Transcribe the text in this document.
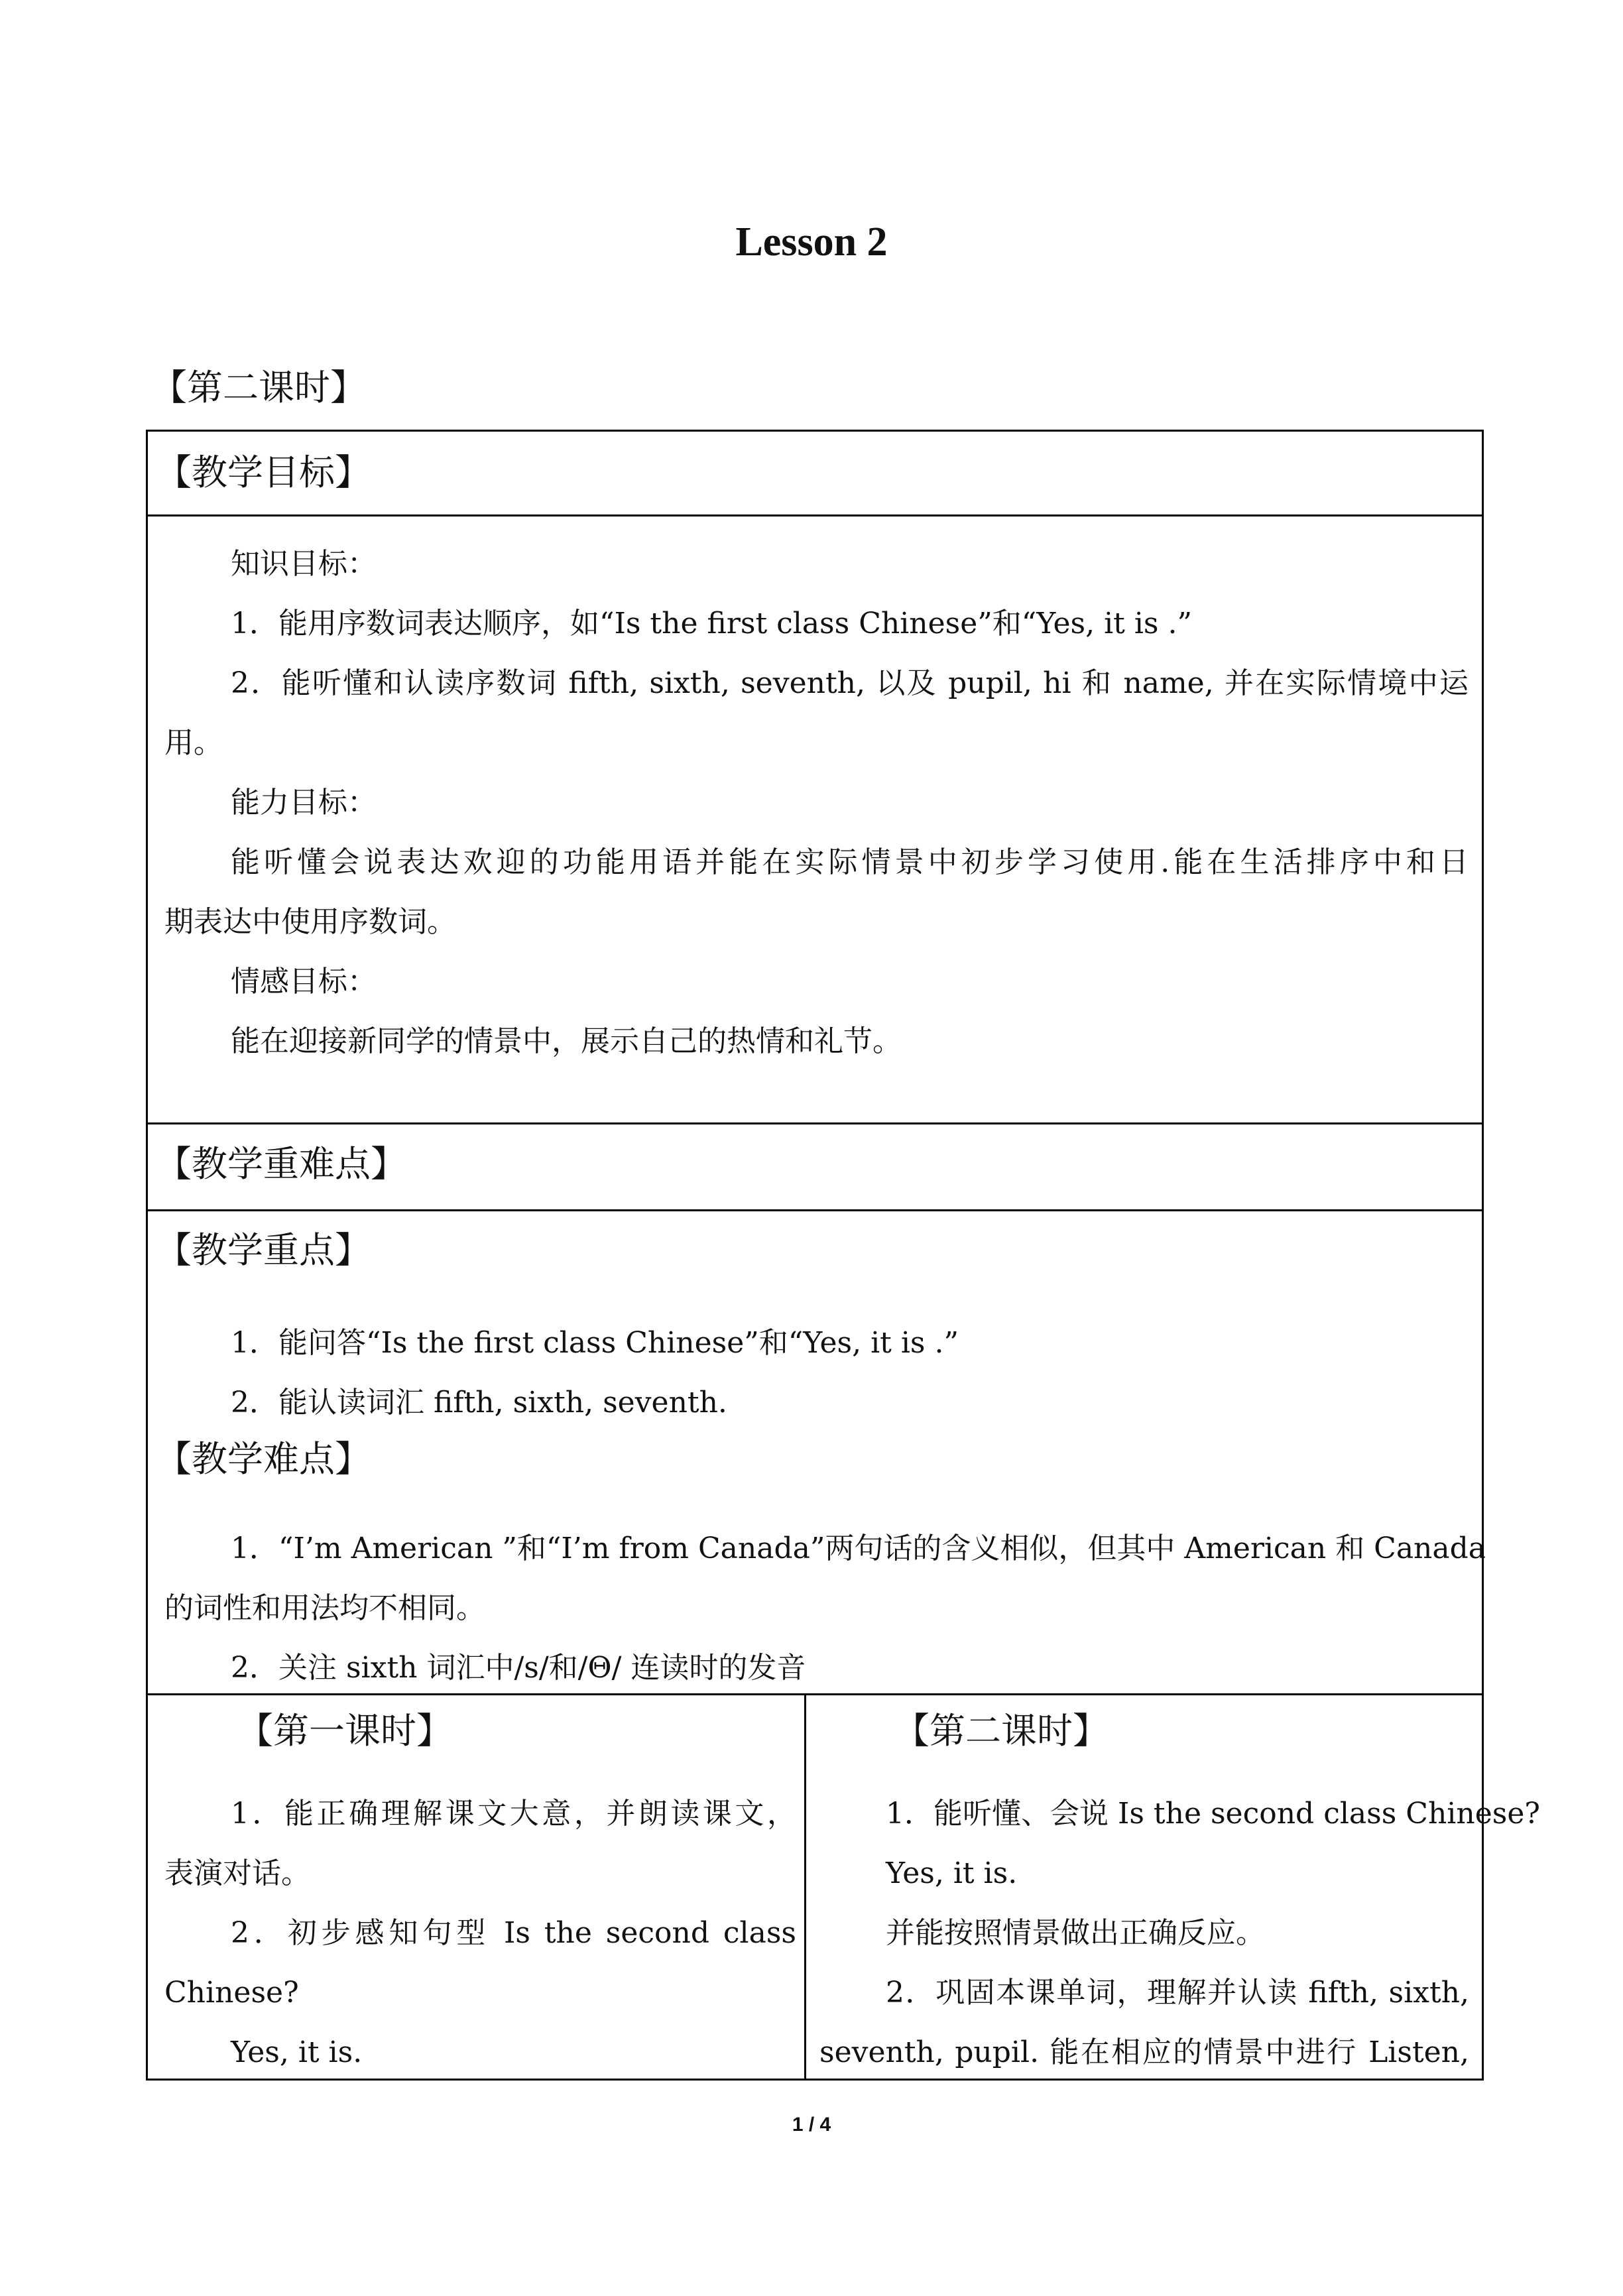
Lesson 2
【第二课时】
【教学目标】
知识目标：
1．能用序数词表达顺序，如“Is the first class Chinese”和“Yes, it is .”
2．能听懂和认读序数词 fifth, sixth, seventh, 以及 pupil, hi 和 name, 并在实际情境中运
用。
能力目标：
能听懂会说表达欢迎的功能用语并能在实际情景中初步学习使用.能在生活排序中和日
期表达中使用序数词。
情感目标：
能在迎接新同学的情景中，展示自己的热情和礼节。
【教学重难点】
【教学重点】
1．能问答“Is the first class Chinese”和“Yes, it is .”
2．能认读词汇 fifth, sixth, seventh.
【教学难点】
1．“I’m American ”和“I’m from Canada”两句话的含义相似，但其中 American 和 Canada
的词性和用法均不相同。
2．关注 sixth 词汇中/s/和/Θ/ 连读时的发音
【第一课时】
1．能正确理解课文大意，并朗读课文，
表演对话。
2．初步感知句型 Is the second class
Chinese?
Yes, it is.
【第二课时】
1．能听懂、会说 Is the second class Chinese?
Yes, it is.
并能按照情景做出正确反应。
2．巩固本课单词，理解并认读 fifth, sixth,
seventh, pupil. 能在相应的情景中进行 Listen,
1 / 4
